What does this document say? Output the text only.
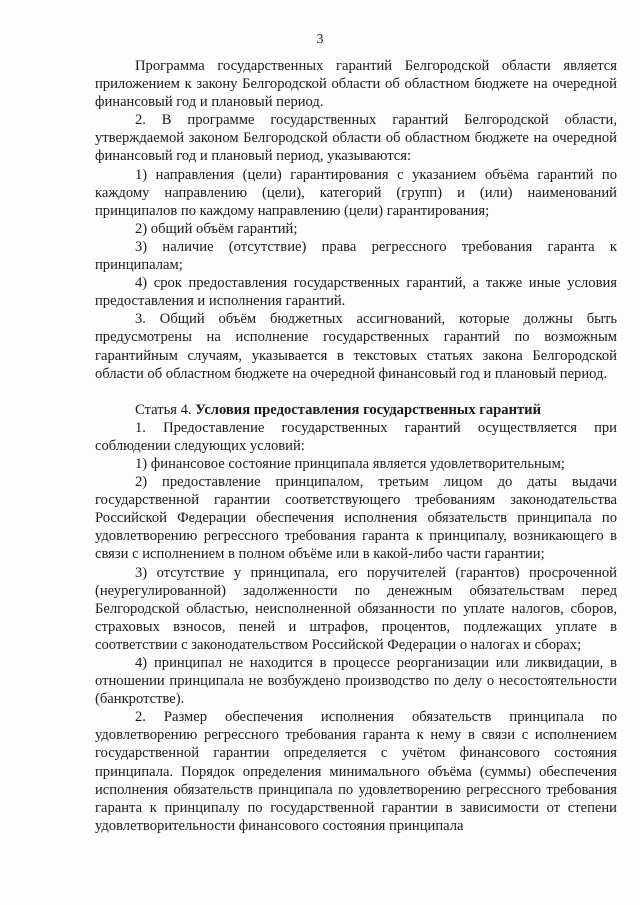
3

Программа государственных гарантий Белгородской области является приложением к закону Белгородской области об областном бюджете на очередной финансовый год и плановый период.

2. В программе государственных гарантий Белгородской области, утверждаемой законом Белгородской области об областном бюджете на очередной финансовый год и плановый период, указываются:

1) направления (цели) гарантирования с указанием объёма гарантий по каждому направлению (цели), категорий (групп) и (или) наименований принципалов по каждому направлению (цели) гарантирования;

2) общий объём гарантий;

3) наличие (отсутствие) права регрессного требования гаранта к принципалам;

4) срок предоставления государственных гарантий, а также иные условия предоставления и исполнения гарантий.

3. Общий объём бюджетных ассигнований, которые должны быть предусмотрены на исполнение государственных гарантий по возможным гарантийным случаям, указывается в текстовых статьях закона Белгородской области об областном бюджете на очередной финансовый год и плановый период.

Статья 4. Условия предоставления государственных гарантий

1. Предоставление государственных гарантий осуществляется при соблюдении следующих условий:

1) финансовое состояние принципала является удовлетворительным;

2) предоставление принципалом, третьим лицом до даты выдачи государственной гарантии соответствующего требованиям законодательства Российской Федерации обеспечения исполнения обязательств принципала по удовлетворению регрессного требования гаранта к принципалу, возникающего в связи с исполнением в полном объёме или в какой-либо части гарантии;

3) отсутствие у принципала, его поручителей (гарантов) просроченной (неурегулированной) задолженности по денежным обязательствам перед Белгородской областью, неисполненной обязанности по уплате налогов, сборов, страховых взносов, пеней и штрафов, процентов, подлежащих уплате в соответствии с законодательством Российской Федерации о налогах и сборах;

4) принципал не находится в процессе реорганизации или ликвидации, в отношении принципала не возбуждено производство по делу о несостоятельности (банкротстве).

2. Размер обеспечения исполнения обязательств принципала по удовлетворению регрессного требования гаранта к нему в связи с исполнением государственной гарантии определяется с учётом финансового состояния принципала. Порядок определения минимального объёма (суммы) обеспечения исполнения обязательств принципала по удовлетворению регрессного требования гаранта к принципалу по государственной гарантии в зависимости от степени удовлетворительности финансового состояния принципала
